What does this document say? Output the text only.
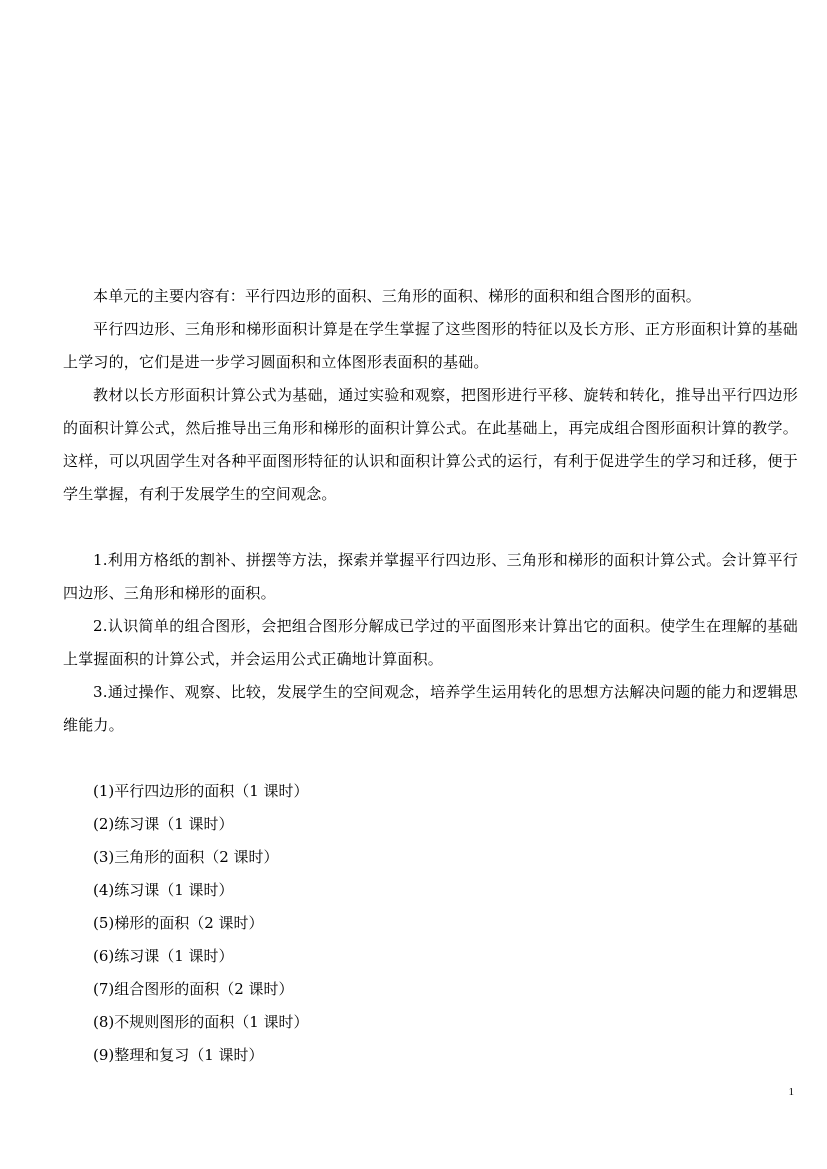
本单元的主要内容有：平行四边形的面积、三角形的面积、梯形的面积和组合图形的面积。

平行四边形、三角形和梯形面积计算是在学生掌握了这些图形的特征以及长方形、正方形面积计算的基础上学习的，它们是进一步学习圆面积和立体图形表面积的基础。

教材以长方形面积计算公式为基础，通过实验和观察，把图形进行平移、旋转和转化，推导出平行四边形的面积计算公式，然后推导出三角形和梯形的面积计算公式。在此基础上，再完成组合图形面积计算的教学。这样，可以巩固学生对各种平面图形特征的认识和面积计算公式的运行，有利于促进学生的学习和迁移，便于学生掌握，有利于发展学生的空间观念。

1.利用方格纸的割补、拼摆等方法，探索并掌握平行四边形、三角形和梯形的面积计算公式。会计算平行四边形、三角形和梯形的面积。

2.认识简单的组合图形，会把组合图形分解成已学过的平面图形来计算出它的面积。使学生在理解的基础上掌握面积的计算公式，并会运用公式正确地计算面积。

3.通过操作、观察、比较，发展学生的空间观念，培养学生运用转化的思想方法解决问题的能力和逻辑思维能力。

(1)平行四边形的面积（1 课时）
(2)练习课（1 课时）
(3)三角形的面积（2 课时）
(4)练习课（1 课时）
(5)梯形的面积（2 课时）
(6)练习课（1 课时）
(7)组合图形的面积（2 课时）
(8)不规则图形的面积（1 课时）
(9)整理和复习（1 课时）
1
